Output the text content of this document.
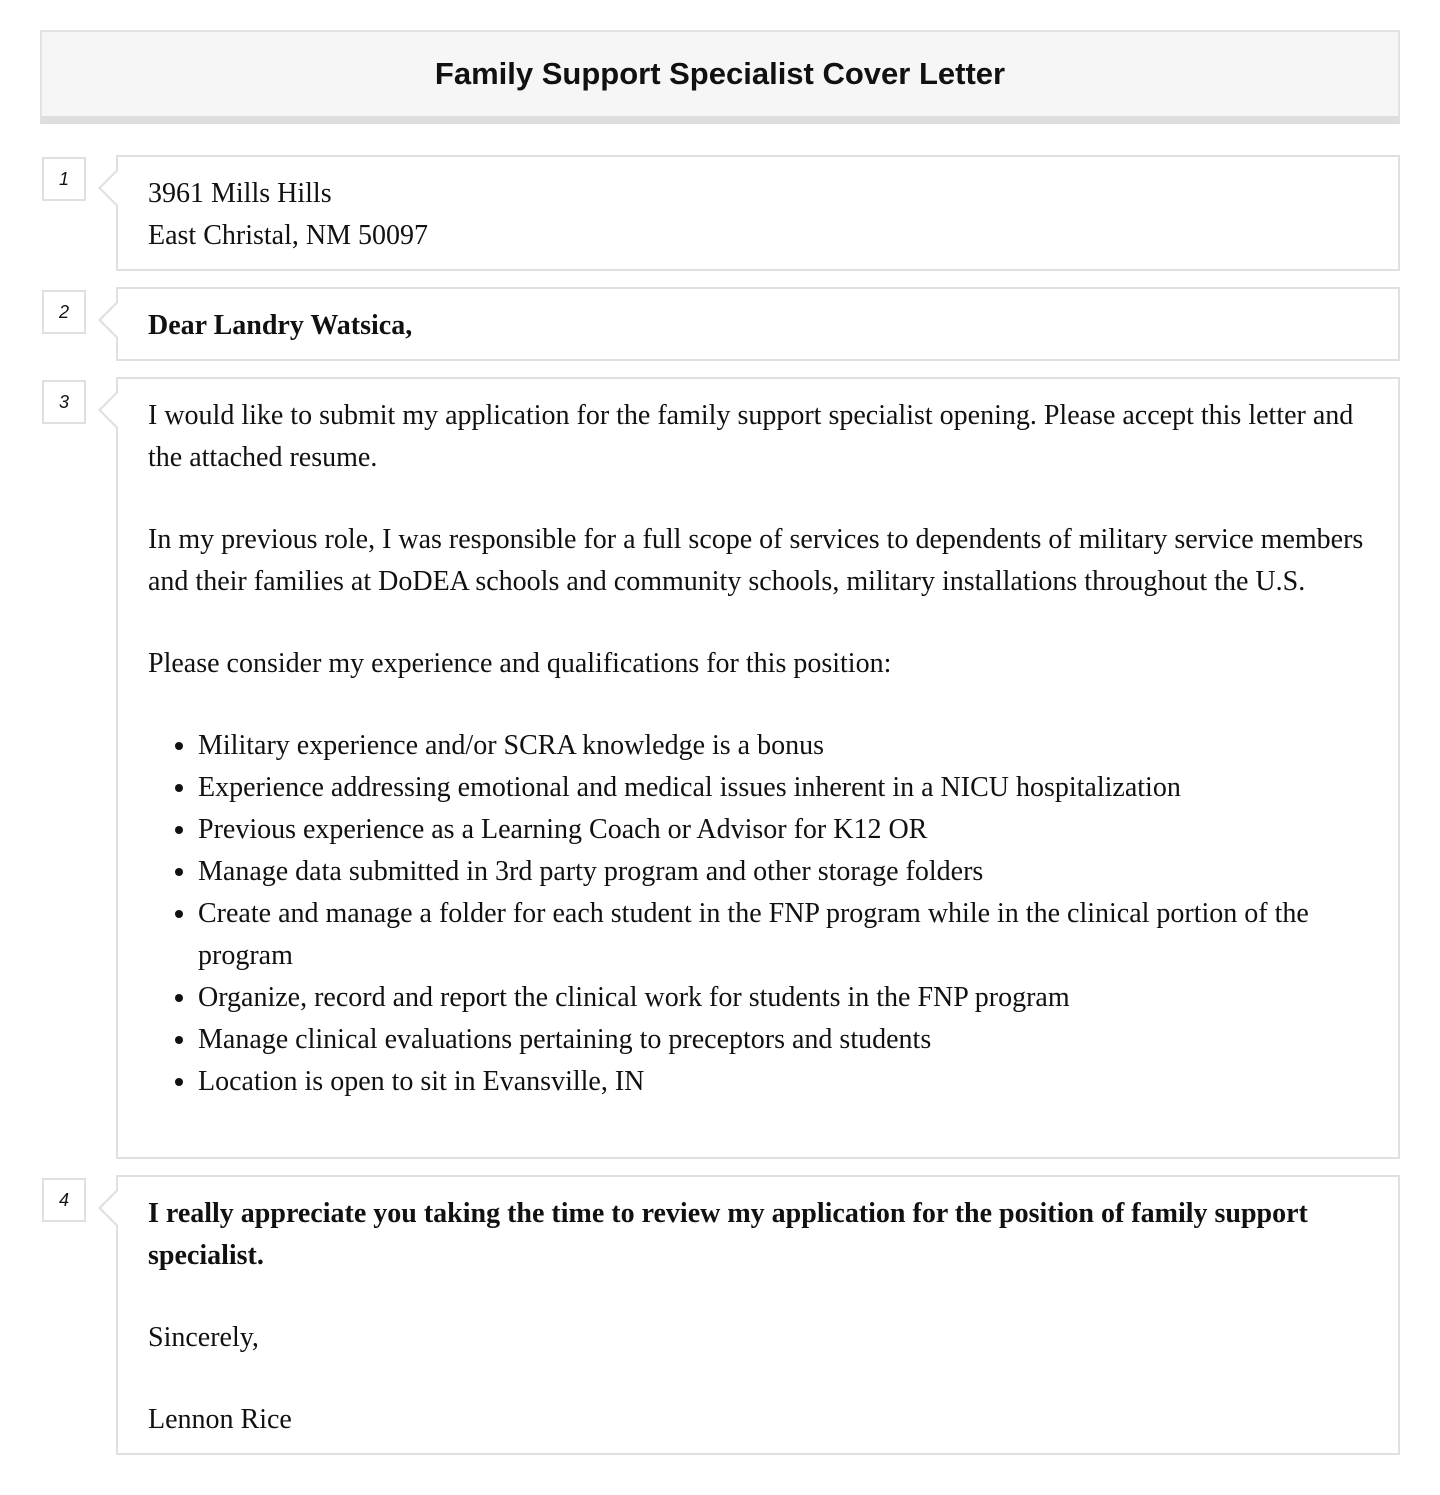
Family Support Specialist Cover Letter
1	3961 Mills Hills

East Christal, NM 50097

2	Dear Landry Watsica,

3	I would like to submit my application for the family support specialist opening. Please accept this letter and the attached resume.

In my previous role, I was responsible for a full scope of services to dependents of military service members and their families at DoDEA schools and community schools, military installations throughout the U.S.

Please consider my experience and qualifications for this position:

• Military experience and/or SCRA knowledge is a bonus
• Experience addressing emotional and medical issues inherent in a NICU hospitalization
• Previous experience as a Learning Coach or Advisor for K12 OR
• Manage data submitted in 3rd party program and other storage folders
• Create and manage a folder for each student in the FNP program while in the clinical portion of the program
• Organize, record and report the clinical work for students in the FNP program
• Manage clinical evaluations pertaining to preceptors and students
• Location is open to sit in Evansville, IN
4	I really appreciate you taking the time to review my application for the position of family support specialist.

Sincerely,

Lennon Rice
